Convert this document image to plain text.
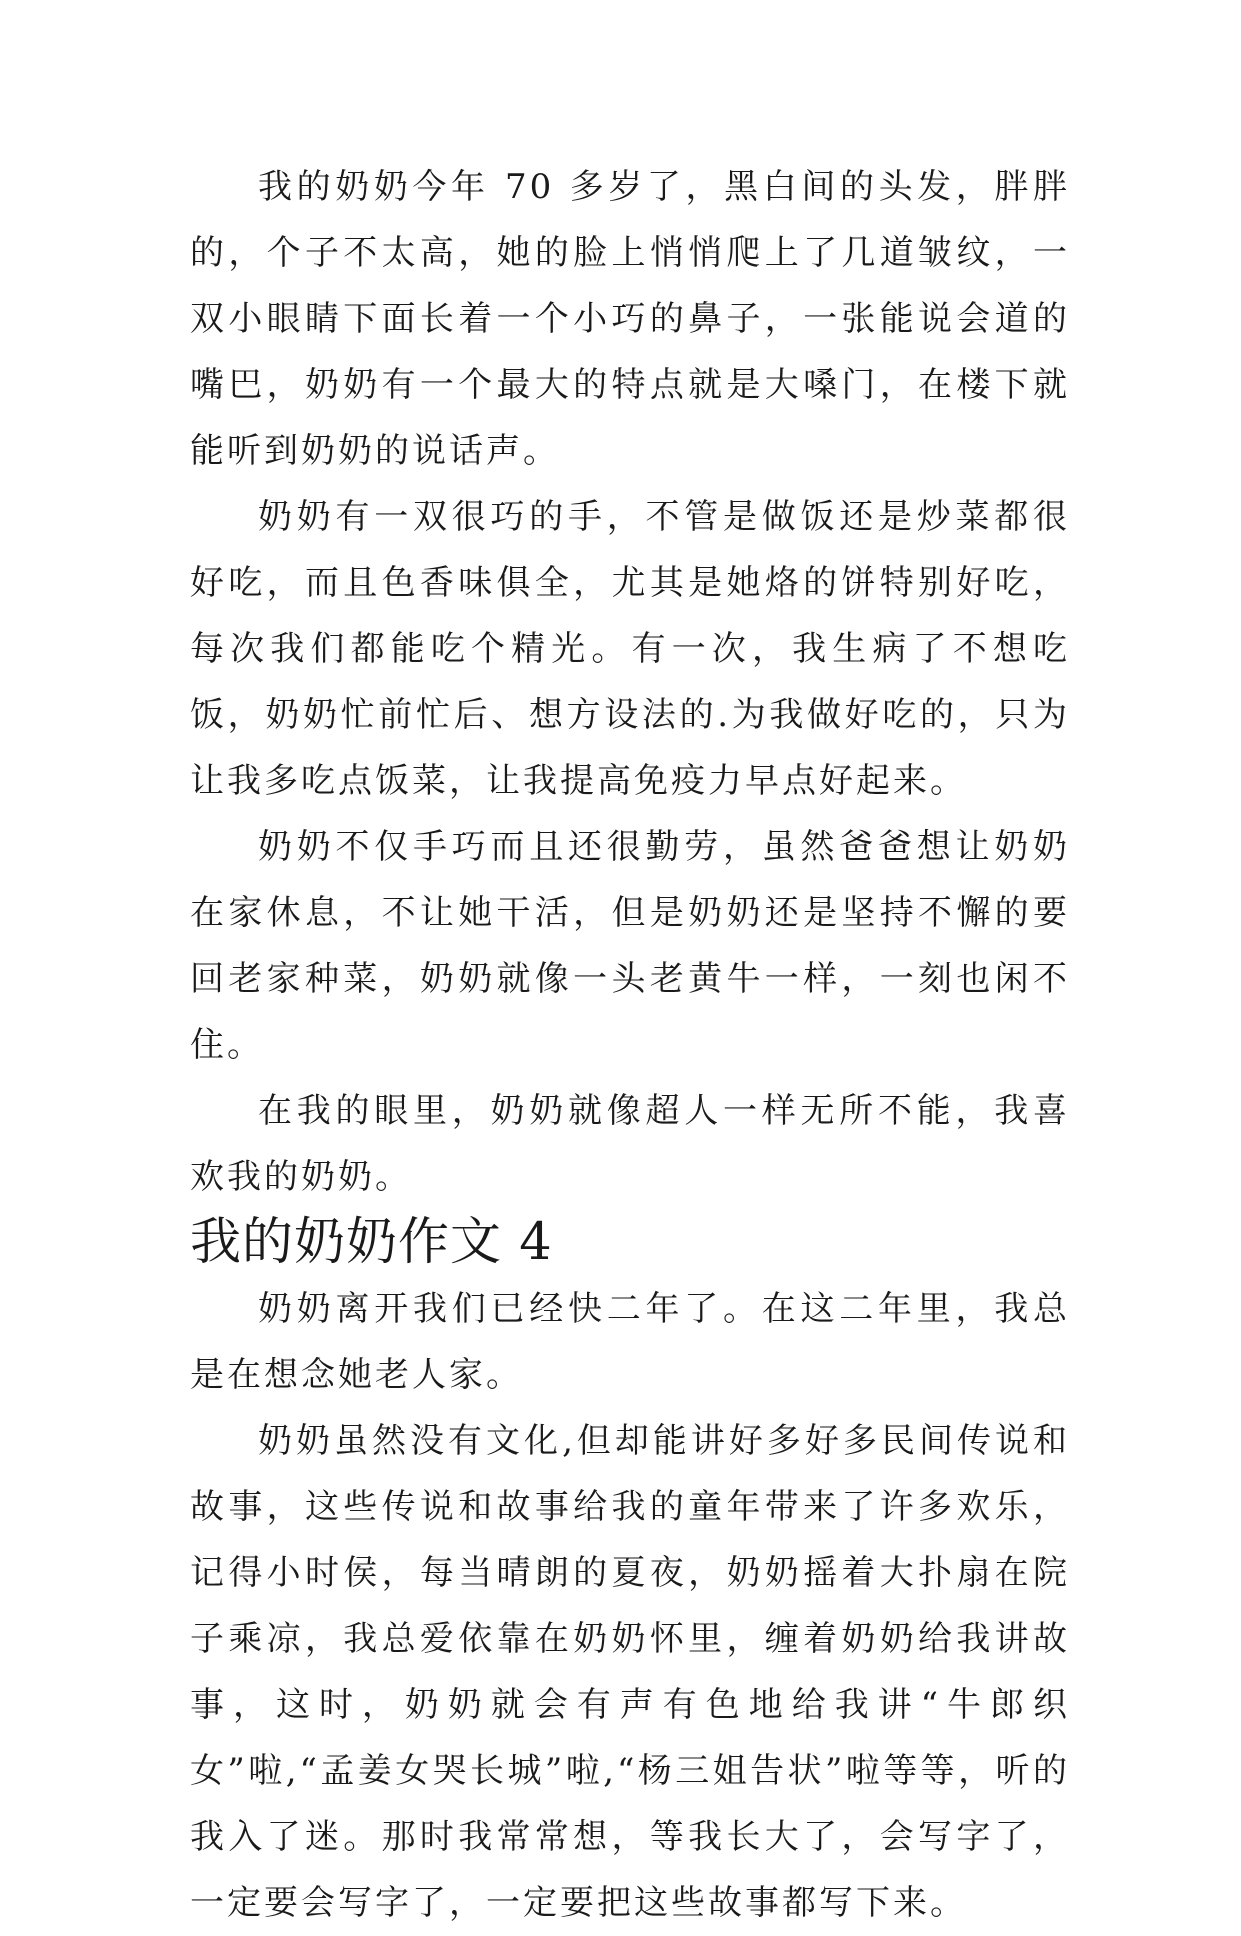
我的奶奶今年 70 多岁了，黑白间的头发，胖胖的，个子不太高，她的脸上悄悄爬上了几道皱纹，一双小眼睛下面长着一个小巧的鼻子，一张能说会道的嘴巴，奶奶有一个最大的特点就是大嗓门，在楼下就能听到奶奶的说话声。

奶奶有一双很巧的手，不管是做饭还是炒菜都很好吃，而且色香味俱全，尤其是她烙的饼特别好吃，每次我们都能吃个精光。有一次，我生病了不想吃饭，奶奶忙前忙后、想方设法的.为我做好吃的，只为让我多吃点饭菜，让我提高免疫力早点好起来。

奶奶不仅手巧而且还很勤劳，虽然爸爸想让奶奶在家休息，不让她干活，但是奶奶还是坚持不懈的要回老家种菜，奶奶就像一头老黄牛一样，一刻也闲不住。

在我的眼里，奶奶就像超人一样无所不能，我喜欢我的奶奶。

我的奶奶作文 4

奶奶离开我们已经快二年了。在这二年里，我总是在想念她老人家。

奶奶虽然没有文化,但却能讲好多好多民间传说和故事，这些传说和故事给我的童年带来了许多欢乐，记得小时侯，每当晴朗的夏夜，奶奶摇着大扑扇在院子乘凉，我总爱依靠在奶奶怀里，缠着奶奶给我讲故事，这时，奶奶就会有声有色地给我讲“牛郎织女”啦,“孟姜女哭长城”啦,“杨三姐告状”啦等等，听的我入了迷。那时我常常想，等我长大了，会写字了，一定要会写字了，一定要把这些故事都写下来。
